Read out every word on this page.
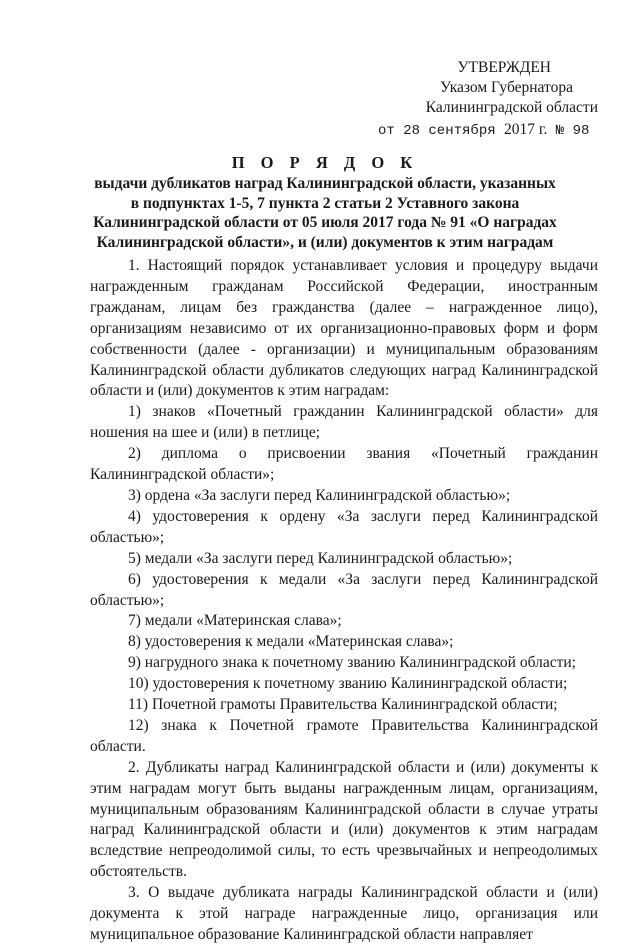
УТВЕРЖДЕН
Указом Губернатора
Калининградской области
от 28 сентября 2017 г. № 98
П О Р Я Д О К
выдачи дубликатов наград Калининградской области, указанных
в подпунктах 1-5, 7 пункта 2 статьи 2 Уставного закона
Калининградской области от 05 июля 2017 года № 91 «О наградах
Калининградской области», и (или) документов к этим наградам

1. Настоящий порядок устанавливает условия и процедуру выдачи награжденным гражданам Российской Федерации, иностранным гражданам, лицам без гражданства (далее – награжденное лицо), организациям независимо от их организационно-правовых форм и форм собственности (далее - организации) и муниципальным образованиям Калининградской области дубликатов следующих наград Калининградской области и (или) документов к этим наградам:

1) знаков «Почетный гражданин Калининградской области» для ношения на шее и (или) в петлице;

2) диплома о присвоении звания «Почетный гражданин Калининградской области»;

3) ордена «За заслуги перед Калининградской областью»;

4) удостоверения к ордену «За заслуги перед Калининградской областью»;

5) медали «За заслуги перед Калининградской областью»;

6) удостоверения к медали «За заслуги перед Калининградской областью»;

7) медали «Материнская слава»;

8) удостоверения к медали «Материнская слава»;

9) нагрудного знака к почетному званию Калининградской области;

10) удостоверения к почетному званию Калининградской области;

11) Почетной грамоты Правительства Калининградской области;

12) знака к Почетной грамоте Правительства Калининградской области.

2. Дубликаты наград Калининградской области и (или) документы к этим наградам могут быть выданы награжденным лицам, организациям, муниципальным образованиям Калининградской области в случае утраты наград Калининградской области и (или) документов к этим наградам вследствие непреодолимой силы, то есть чрезвычайных и непреодолимых обстоятельств.

3. О выдаче дубликата награды Калининградской области и (или) документа к этой награде награжденные лицо, организация или муниципальное образование Калининградской области направляет
